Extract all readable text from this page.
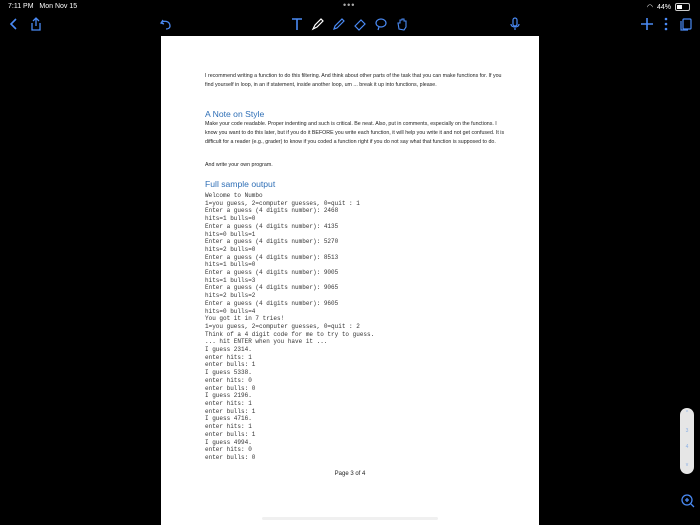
7:11 PM Mon Nov 15	•••	◠ 44%
I recommend writing a function to do this filtering. And think about other parts of the task that you can make functions for. If you find yourself in loop, in an if statement, inside another loop, um ... break it up into functions, please.
A Note on Style
Make your code readable. Proper indenting and such is critical. Be neat. Also, put in comments, especially on the functions. I know you want to do this later, but if you do it BEFORE you write each function, it will help you write it and not get confused. It is difficult for a reader (e.g., grader) to know if you coded a function right if you do not say what that function is supposed to do.
And write your own program.
Full sample output
Welcome to Numbo
1=you guess, 2=computer guesses, 0=quit : 1
Enter a guess (4 digits number): 2468
hits=1 bulls=0
Enter a guess (4 digits number): 4135
hits=0 bulls=1
Enter a guess (4 digits number): 5270
hits=2 bulls=0
Enter a guess (4 digits number): 8513
hits=1 bulls=0
Enter a guess (4 digits number): 9005
hits=1 bulls=3
Enter a guess (4 digits number): 9065
hits=2 bulls=2
Enter a guess (4 digits number): 9605
hits=0 bulls=4
You got it in 7 tries!
1=you guess, 2=computer guesses, 0=quit : 2
Think of a 4 digit code for me to try to guess.
... hit ENTER when you have it ...
I guess 2314.
enter hits: 1
enter bulls: 1
I guess 5338.
enter hits: 0
enter bulls: 0
I guess 2196.
enter hits: 1
enter bulls: 1
I guess 4716.
enter hits: 1
enter bulls: 1
I guess 4994.
enter hits: 0
enter bulls: 0
Page 3 of 4
^
3
4
v
